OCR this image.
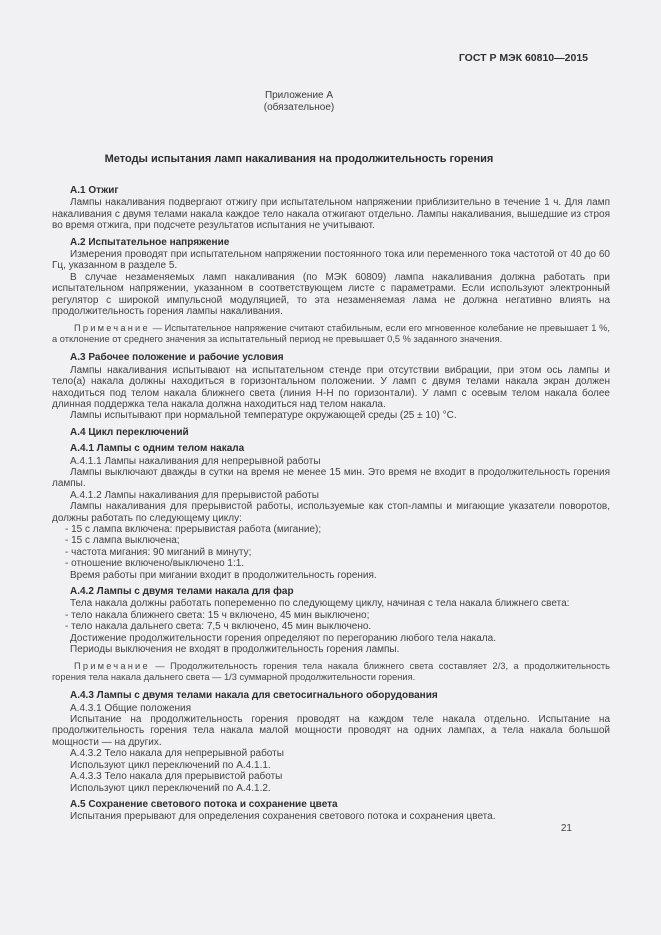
ГОСТ Р МЭК 60810—2015
Приложение А
(обязательное)
Методы испытания ламп накаливания на продолжительность горения

А.1 Отжиг

Лампы накаливания подвергают отжигу при испытательном напряжении приблизительно в течение 1 ч. Для ламп накаливания с двумя телами накала каждое тело накала отжигают отдельно. Лампы накаливания, вышедшие из строя во время отжига, при подсчете результатов испытания не учитывают.

А.2 Испытательное напряжение

Измерения проводят при испытательном напряжении постоянного тока или переменного тока частотой от 40 до 60 Гц, указанном в разделе 5.

В случае незаменяемых ламп накаливания (по МЭК 60809) лампа накаливания должна работать при испытательном напряжении, указанном в соответствующем листе с параметрами. Если используют электронный регулятор с широкой импульсной модуляцией, то эта незаменяемая лама не должна негативно влиять на продолжительность горения лампы накаливания.

Примечание — Испытательное напряжение считают стабильным, если его мгновенное колебание не превышает 1 %, а отклонение от среднего значения за испытательный период не превышает 0,5 % заданного значения.

А.3 Рабочее положение и рабочие условия

Лампы накаливания испытывают на испытательном стенде при отсутствии вибрации, при этом ось лампы и тело(а) накала должны находиться в горизонтальном положении. У ламп с двумя телами накала экран должен находиться под телом накала ближнего света (линия Н-Н по горизонтали). У ламп с осевым телом накала более длинная поддержка тела накала должна находиться над телом накала.

Лампы испытывают при нормальной температуре окружающей среды (25 ± 10) °С.

А.4 Цикл переключений

А.4.1 Лампы с одним телом накала

А.4.1.1 Лампы накаливания для непрерывной работы

Лампы выключают дважды в сутки на время не менее 15 мин. Это время не входит в продолжительность горения лампы.

А.4.1.2 Лампы накаливания для прерывистой работы

Лампы накаливания для прерывистой работы, используемые как стоп-лампы и мигающие указатели поворотов, должны работать по следующему циклу:

- 15 с лампа включена: прерывистая работа (мигание);

- 15 с лампа выключена;

- частота мигания: 90 миганий в минуту;

- отношение включено/выключено 1:1.

Время работы при мигании входит в продолжительность горения.

А.4.2 Лампы с двумя телами накала для фар

Тела накала должны работать попеременно по следующему циклу, начиная с тела накала ближнего света:

- тело накала ближнего света: 15 ч включено, 45 мин выключено;

- тело накала дальнего света: 7,5 ч включено, 45 мин выключено.

Достижение продолжительности горения определяют по перегоранию любого тела накала.

Периоды выключения не входят в продолжительность горения лампы.

Примечание — Продолжительность горения тела накала ближнего света составляет 2/3, а продолжительность горения тела накала дальнего света — 1/3 суммарной продолжительности горения.

А.4.3 Лампы с двумя телами накала для светосигнального оборудования

А.4.3.1 Общие положения

Испытание на продолжительность горения проводят на каждом теле накала отдельно. Испытание на продолжительность горения тела накала малой мощности проводят на одних лампах, а тела накала большой мощности — на других.

А.4.3.2 Тело накала для непрерывной работы

Используют цикл переключений по А.4.1.1.

А.4.3.3 Тело накала для прерывистой работы

Используют цикл переключений по А.4.1.2.

А.5 Сохранение светового потока и сохранение цвета

Испытания прерывают для определения сохранения светового потока и сохранения цвета.

21
